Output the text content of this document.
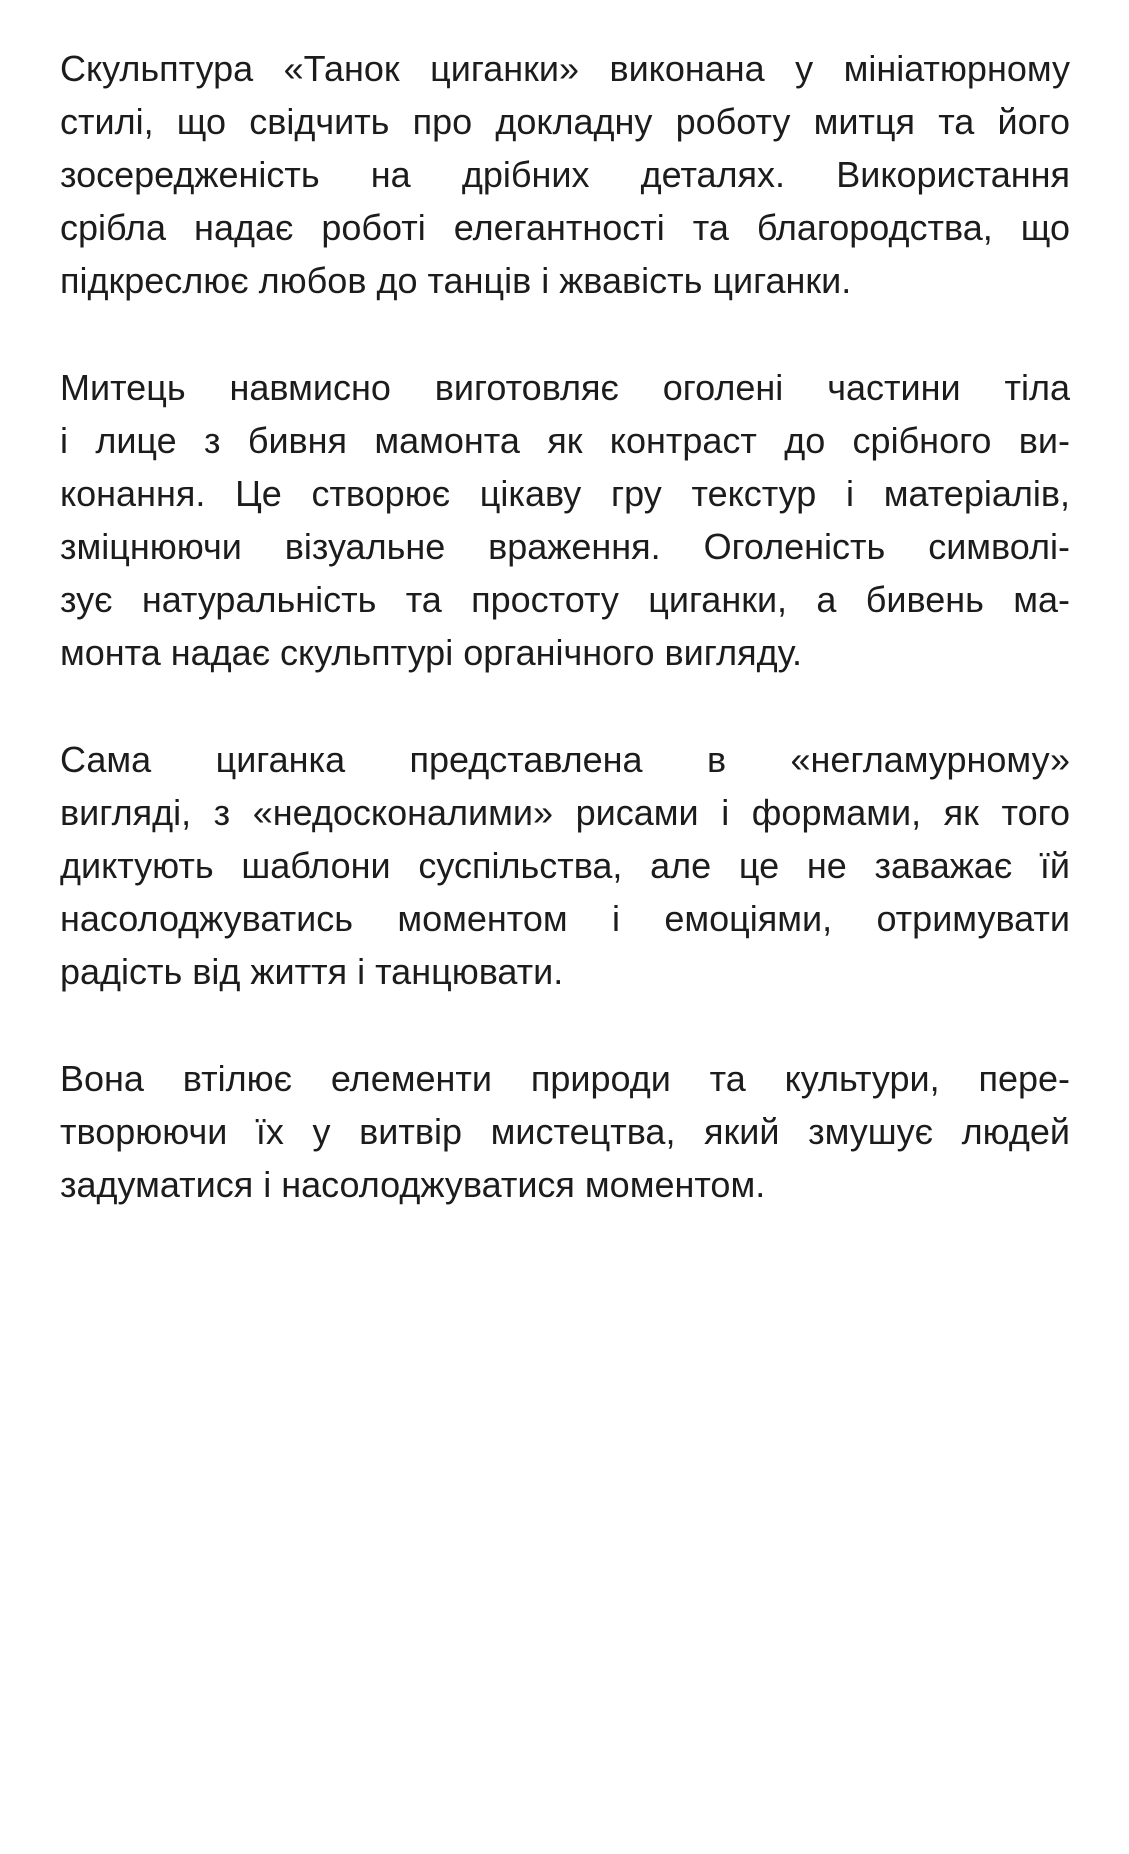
Скульптура «Танок циганки» виконана у мініатюрному
стилі, що свідчить про докладну роботу митця та його
зосередженість на дрібних деталях. Використання
срібла надає роботі елегантності та благородства, що
підкреслює любов до танців і жвавість циганки.
Митець навмисно виготовляє оголені частини тіла
і лице з бивня мамонта як контраст до срібного ви-
конання. Це створює цікаву гру текстур і матеріалів,
зміцнюючи візуальне враження. Оголеність символі-
зує натуральність та простоту циганки, а бивень ма-
монта надає скульптурі органічного вигляду.
Сама циганка представлена в «негламурному»
вигляді, з «недосконалими» рисами і формами, як того
диктують шаблони суспільства, але це не заважає їй
насолоджуватись моментом і емоціями, отримувати
радість від життя і танцювати.
Вона втілює елементи природи та культури, пере-
творюючи їх у витвір мистецтва, який змушує людей
задуматися і насолоджуватися моментом.
